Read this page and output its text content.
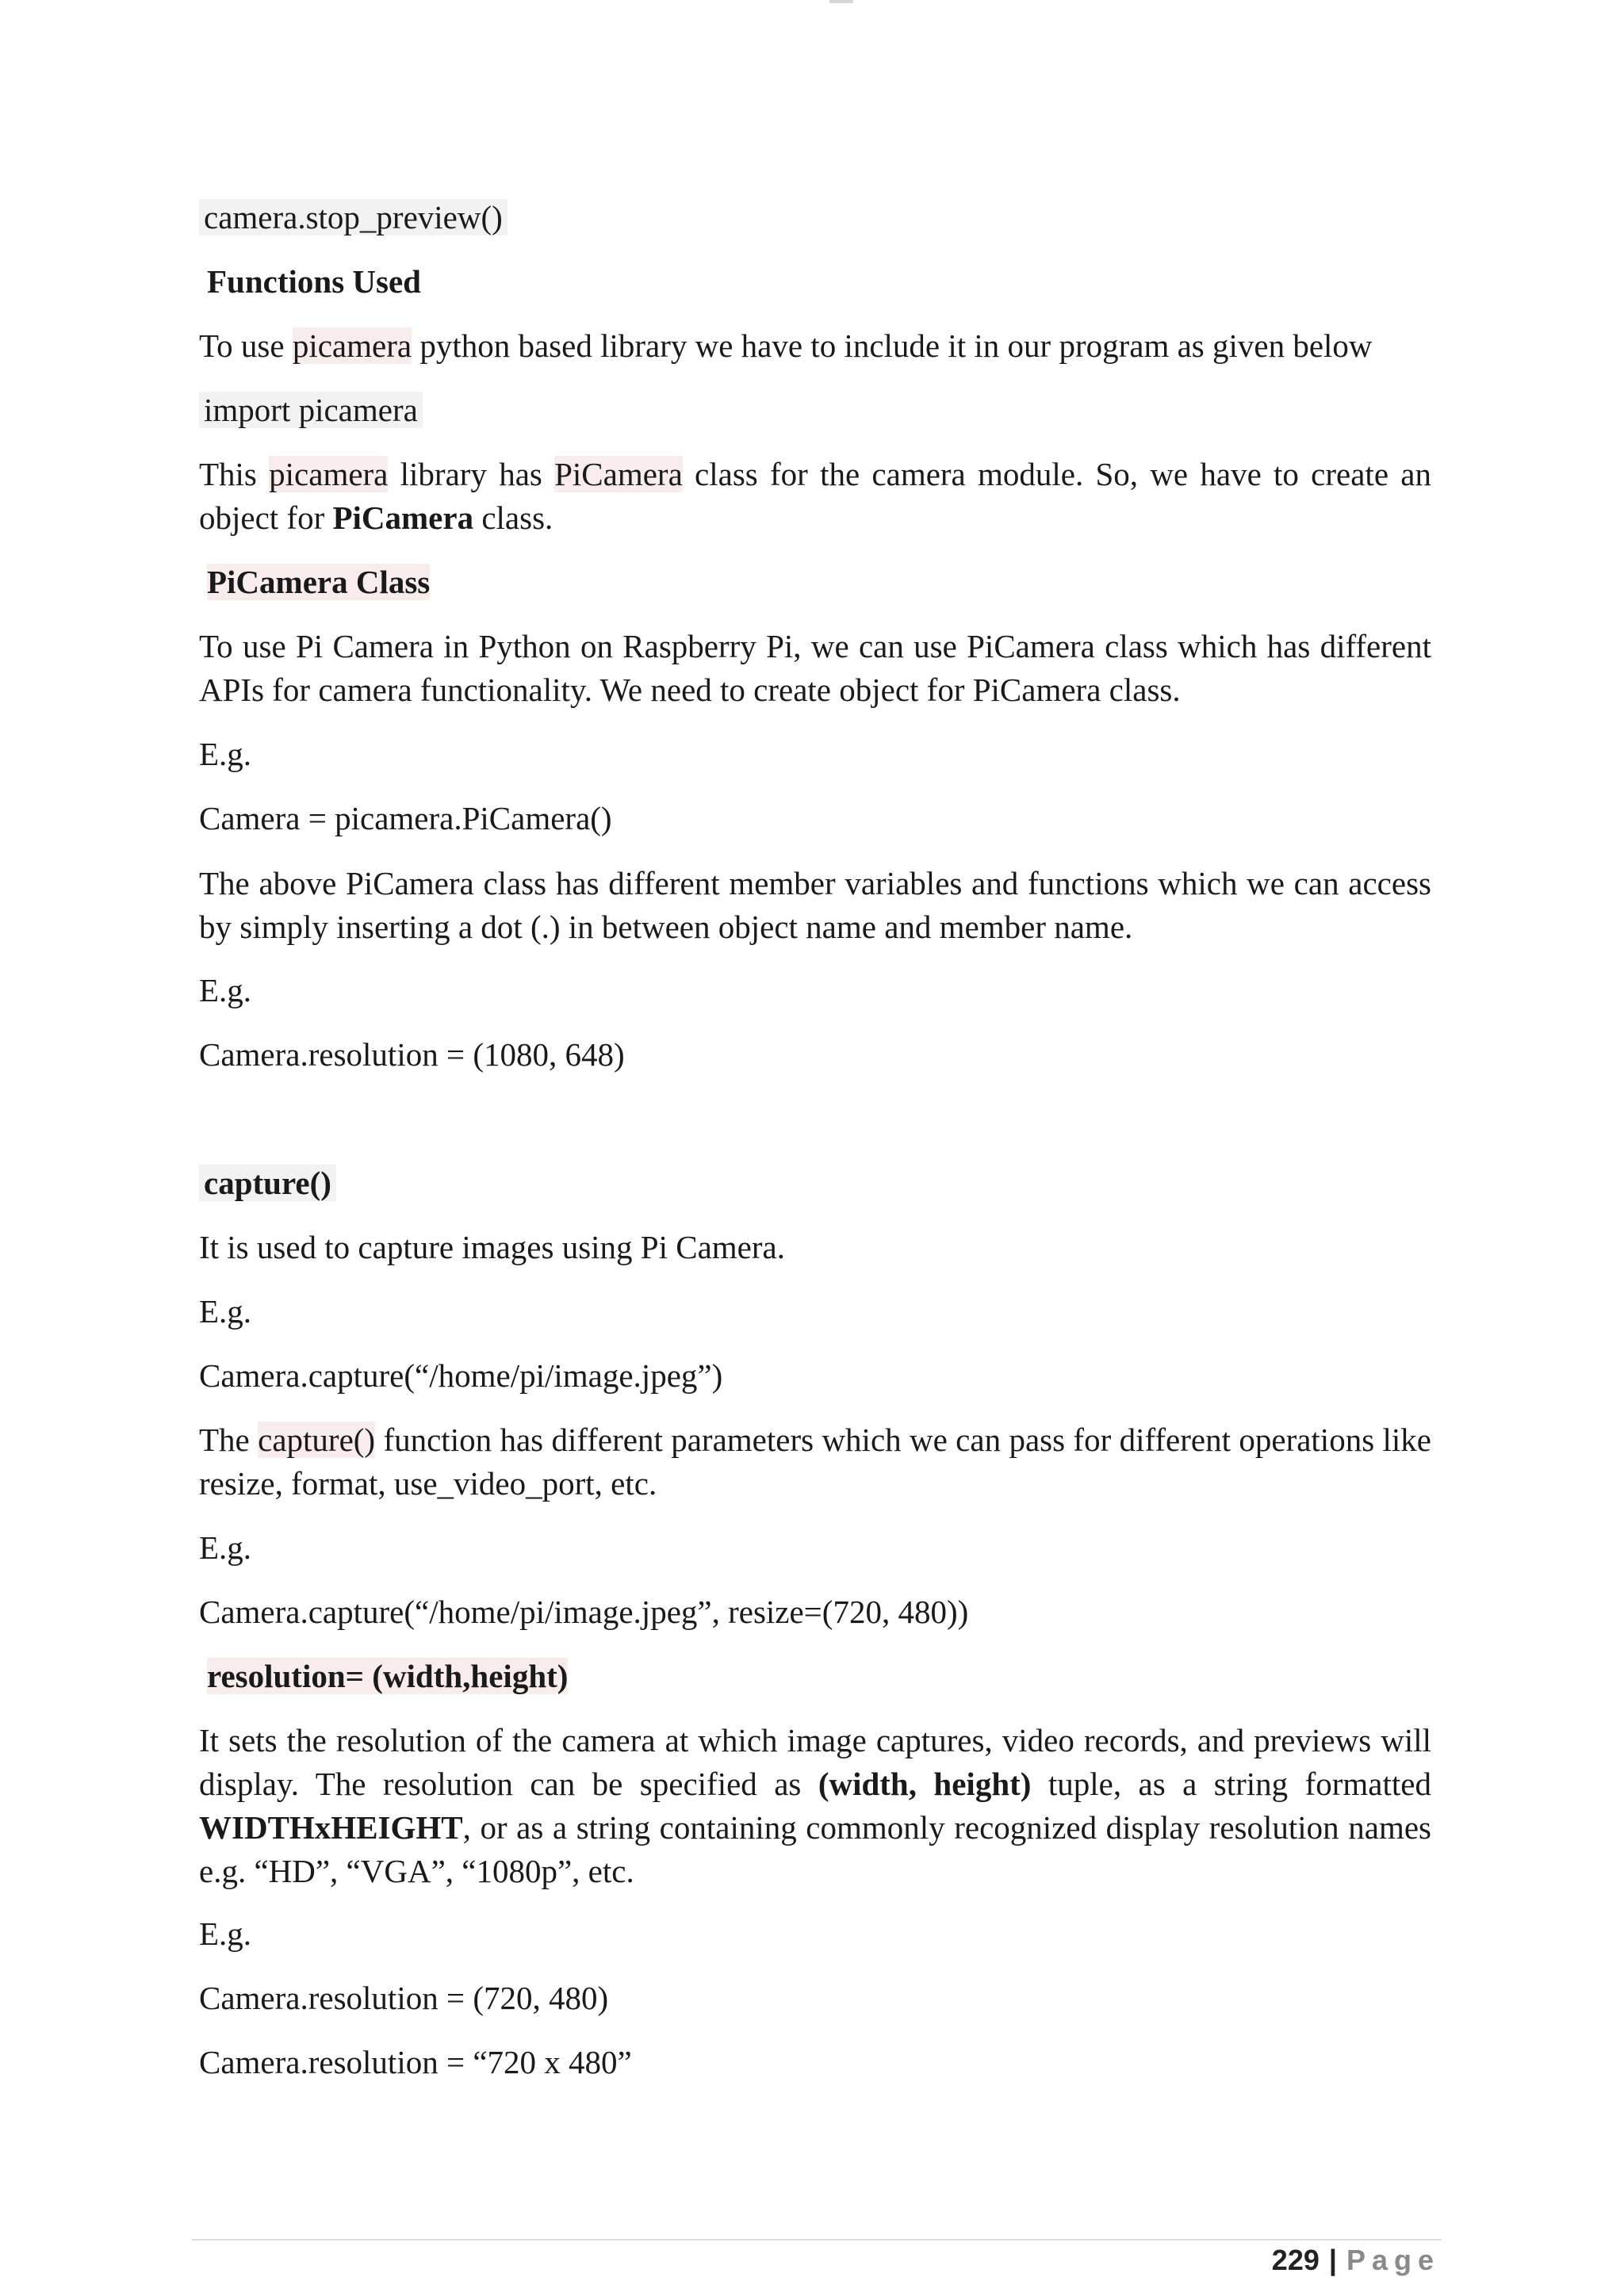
camera.stop_preview()
Functions Used
To use picamera python based library we have to include it in our program as given below
import picamera
This picamera library has PiCamera class for the camera module. So, we have to create an object for PiCamera class.
PiCamera Class
To use Pi Camera in Python on Raspberry Pi, we can use PiCamera class which has different APIs for camera functionality. We need to create object for PiCamera class.
E.g.
Camera = picamera.PiCamera()
The above PiCamera class has different member variables and functions which we can access by simply inserting a dot (.) in between object name and member name.
E.g.
Camera.resolution = (1080, 648)
capture()
It is used to capture images using Pi Camera.
E.g.
Camera.capture(“/home/pi/image.jpeg”)
The capture() function has different parameters which we can pass for different operations like resize, format, use_video_port, etc.
E.g.
Camera.capture(“/home/pi/image.jpeg”, resize=(720, 480))
resolution= (width,height)
It sets the resolution of the camera at which image captures, video records, and previews will display. The resolution can be specified as (width, height) tuple, as a string formatted WIDTHxHEIGHT, or as a string containing commonly recognized display resolution names e.g. “HD”, “VGA”, “1080p”, etc.
E.g.
Camera.resolution = (720, 480)
Camera.resolution = “720 x 480”
229 | Page
